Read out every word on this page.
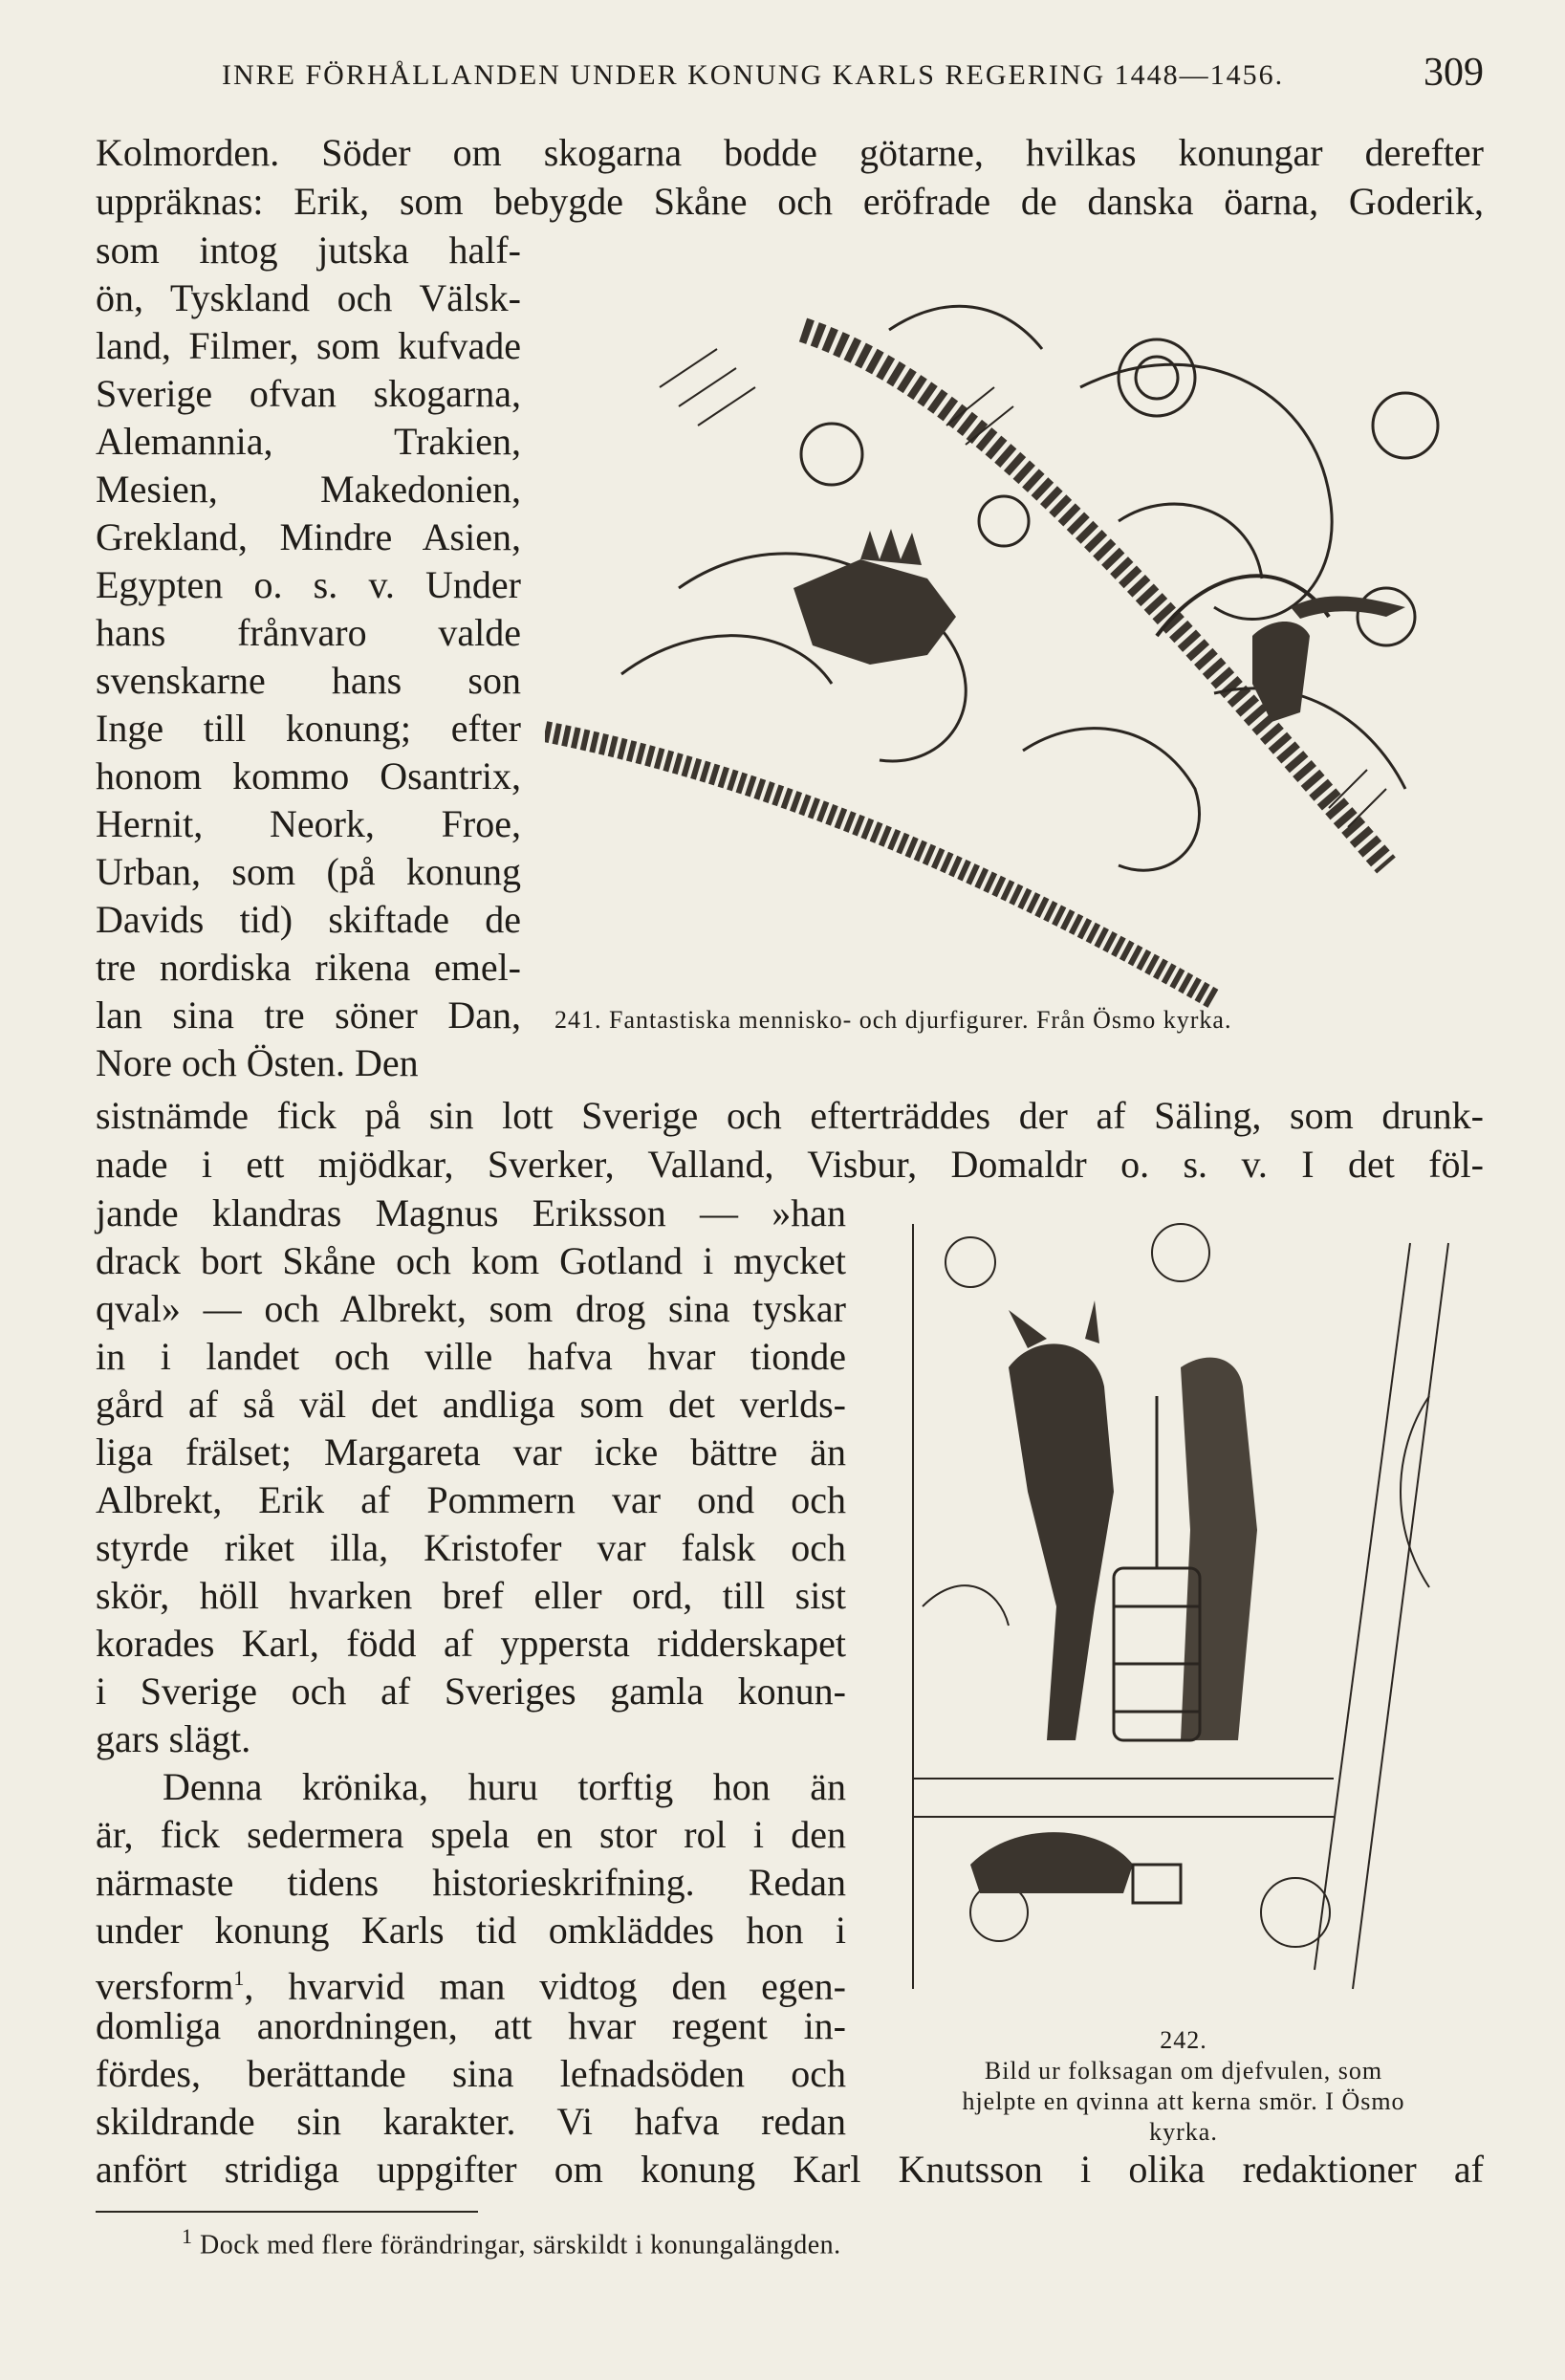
INRE FÖRHÅLLANDEN UNDER KONUNG KARLS REGERING 1448—1456.	309
Kolmorden. Söder om skogarna bodde götarne, hvilkas konungar derefter
uppräknas: Erik, som bebygde Skåne och eröfrade de danska öarna, Goderik,
som intog jutska half-
ön, Tyskland och Välsk-
land, Filmer, som kufvade
Sverige ofvan skogarna,
Alemannia, Trakien,
Mesien, Makedonien,
Grekland, Mindre Asien,
Egypten o. s. v. Under
hans frånvaro valde
svenskarne hans son
Inge till konung; efter
honom kommo Osantrix,
Hernit, Neork, Froe,
Urban, som (på konung
Davids tid) skiftade de
tre nordiska rikena emel-
lan sina tre söner Dan,
Nore och Östen. Den
sistnämde fick på sin lott Sverige och efterträddes der af Säling, som drunk-
nade i ett mjödkar, Sverker, Valland, Visbur, Domaldr o. s. v. I det föl-
jande klandras Magnus Eriksson — »han
drack bort Skåne och kom Gotland i mycket
qval» — och Albrekt, som drog sina tyskar
in i landet och ville hafva hvar tionde
gård af så väl det andliga som det verlds-
liga frälset; Margareta var icke bättre än
Albrekt, Erik af Pommern var ond och
styrde riket illa, Kristofer var falsk och
skör, höll hvarken bref eller ord, till sist
korades Karl, född af yppersta ridderskapet
i Sverige och af Sveriges gamla konun-
gars slägt.
Denna krönika, huru torftig hon än
är, fick sedermera spela en stor rol i den
närmaste tidens historieskrifning. Redan
under konung Karls tid omkläddes hon i
versform$^1$, hvarvid man vidtog den egen-
domliga anordningen, att hvar regent in-
fördes, berättande sina lefnadsöden och
skildrande sin karakter. Vi hafva redan
anfört stridiga uppgifter om konung Karl Knutsson i olika redaktioner af
241. Fantastiska mennisko- och djurfigurer. Från Ösmo kyrka.
242.
Bild ur folksagan om djefvulen, som
hjelpte en qvinna att kerna smör. I Ösmo
kyrka.
$^1$ Dock med flere förändringar, särskildt i konungalängden.
